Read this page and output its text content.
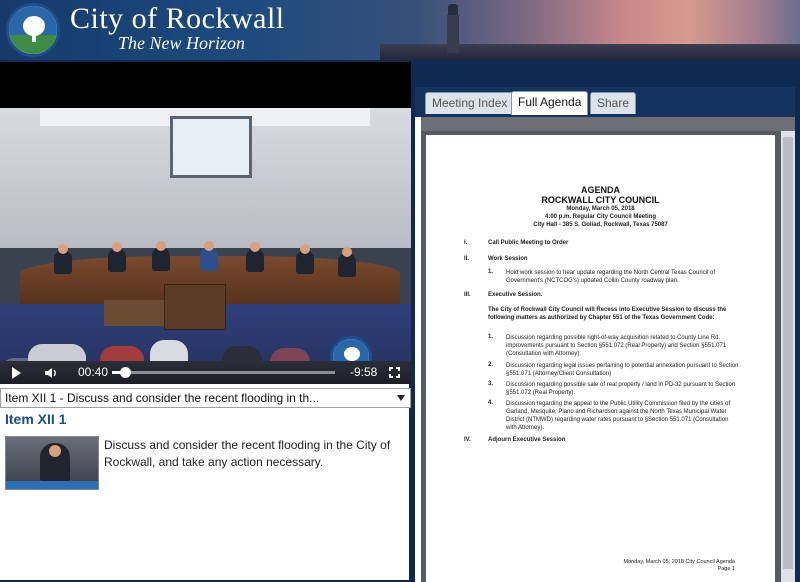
City of Rockwall
The New Horizon
00:40	-9:58
Item XII 1 - Discuss and consider the recent flooding in th...
Item XII 1
Discuss and consider the recent flooding in the City of Rockwall, and take any action necessary.
Meeting Index Full Agenda	Share
AGENDA
ROCKWALL CITY COUNCIL
Monday, March 05, 2018
4:00 p.m. Regular City Council Meeting
City Hall - 385 S. Goliad, Rockwall, Texas 75087
I.	Call Public Meeting to Order
II.	Work Session
1. Hold work session to hear update regarding the North Central Texas Council of Government's (NCTCOG's) updated Collin County roadway plan.
III.	Executive Session.
The City of Rockwall City Council will Recess into Executive Session to discuss the following matters as authorized by Chapter 551 of the Texas Government Code:
1. Discussion regarding possible right-of-way acquisition related to County Line Rd. improvements pursuant to Section §551.072 (Real Property) and Section §551.071 (Consultation with Attorney).
2. Discussion regarding legal issues pertaining to potential annexation pursuant to Section §551.071 (Attorney/Client Consultation)
3. Discussion regarding possible sale of real property / land in PD-32 pursuant to Section §551.072 (Real Property).
4. Discussion regarding the appeal to the Public Utility Commission filed by the cities of Garland, Mesquite, Plano and Richardson against the North Texas Municipal Water District (NTMWD) regarding water rates pursuant to §Section 551.071 (Consultation with Attorney).
IV.	Adjourn Executive Session
Monday, March 05, 2018 City Council Agenda
Page 1
